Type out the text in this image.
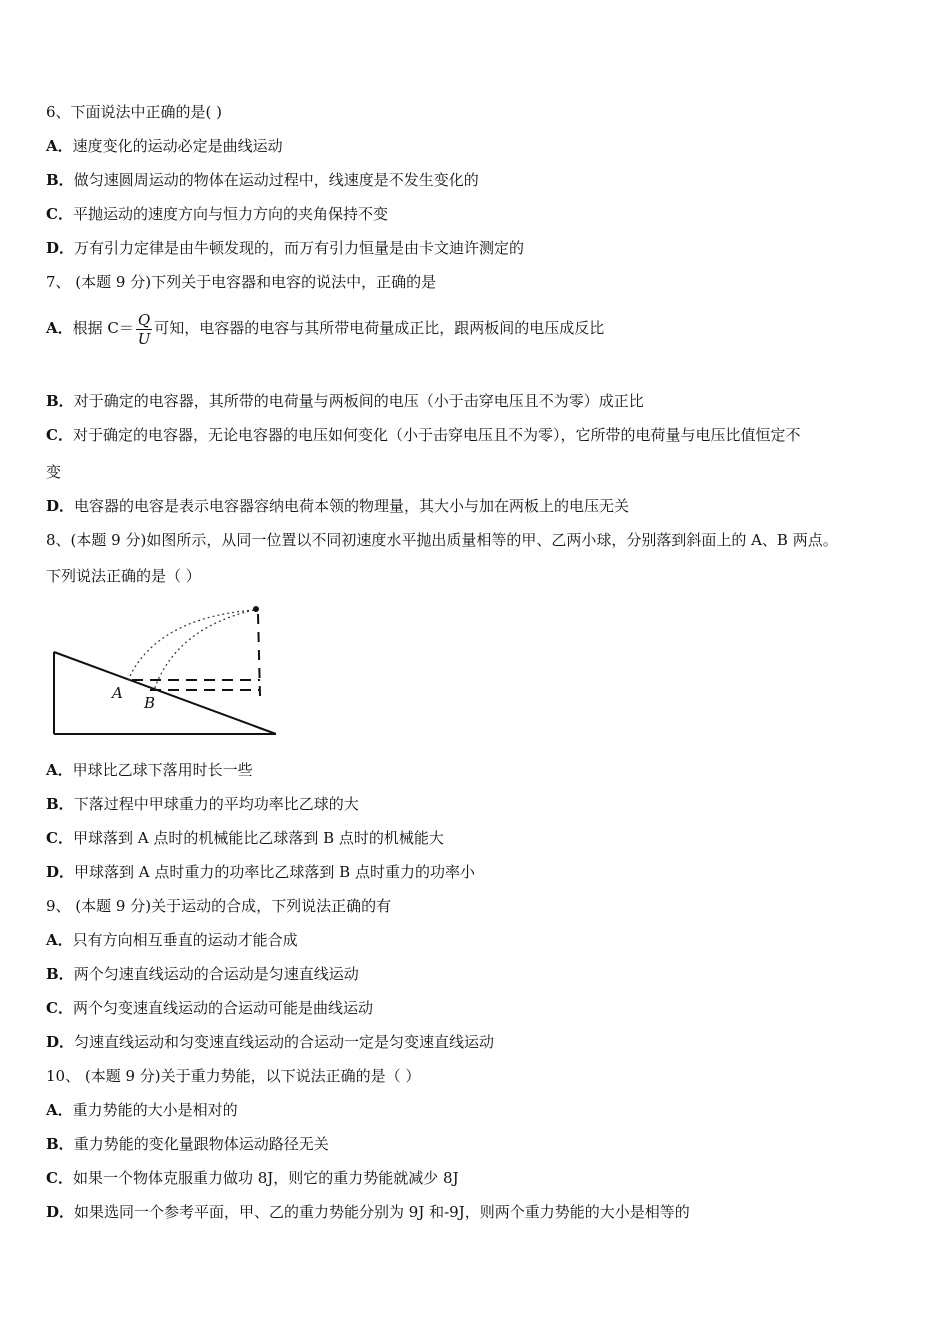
6、下面说法中正确的是( )
A．速度变化的运动必定是曲线运动
B．做匀速圆周运动的物体在运动过程中，线速度是不发生变化的
C．平抛运动的速度方向与恒力方向的夹角保持不变
D．万有引力定律是由牛顿发现的，而万有引力恒量是由卡文迪许测定的
7、 (本题 9 分)下列关于电容器和电容的说法中，正确的是
A．根据 $C= \frac{Q}{U}$ 可知，电容器的电容与其所带电荷量成正比，跟两板间的电压成反比
B．对于确定的电容器，其所带的电荷量与两板间的电压（小于击穿电压且不为零）成正比
C．对于确定的电容器，无论电容器的电压如何变化（小于击穿电压且不为零），它所带的电荷量与电压比值恒定不
变
D．电容器的电容是表示电容器容纳电荷本领的物理量，其大小与加在两板上的电压无关
8、(本题 9 分)如图所示，从同一位置以不同初速度水平抛出质量相等的甲、乙两小球，分别落到斜面上的 A、B 两点。
下列说法正确的是（ ）
A
B
A．甲球比乙球下落用时长一些
B．下落过程中甲球重力的平均功率比乙球的大
C．甲球落到 A 点时的机械能比乙球落到 B 点时的机械能大
D．甲球落到 A 点时重力的功率比乙球落到 B 点时重力的功率小
9、 (本题 9 分)关于运动的合成，下列说法正确的有
A．只有方向相互垂直的运动才能合成
B．两个匀速直线运动的合运动是匀速直线运动
C．两个匀变速直线运动的合运动可能是曲线运动
D．匀速直线运动和匀变速直线运动的合运动一定是匀变速直线运动
10、 (本题 9 分)关于重力势能，以下说法正确的是（ ）
A．重力势能的大小是相对的
B．重力势能的变化量跟物体运动路径无关
C．如果一个物体克服重力做功 8J，则它的重力势能就减少 8J
D．如果选同一个参考平面，甲、乙的重力势能分别为 9J 和-9J，则两个重力势能的大小是相等的
